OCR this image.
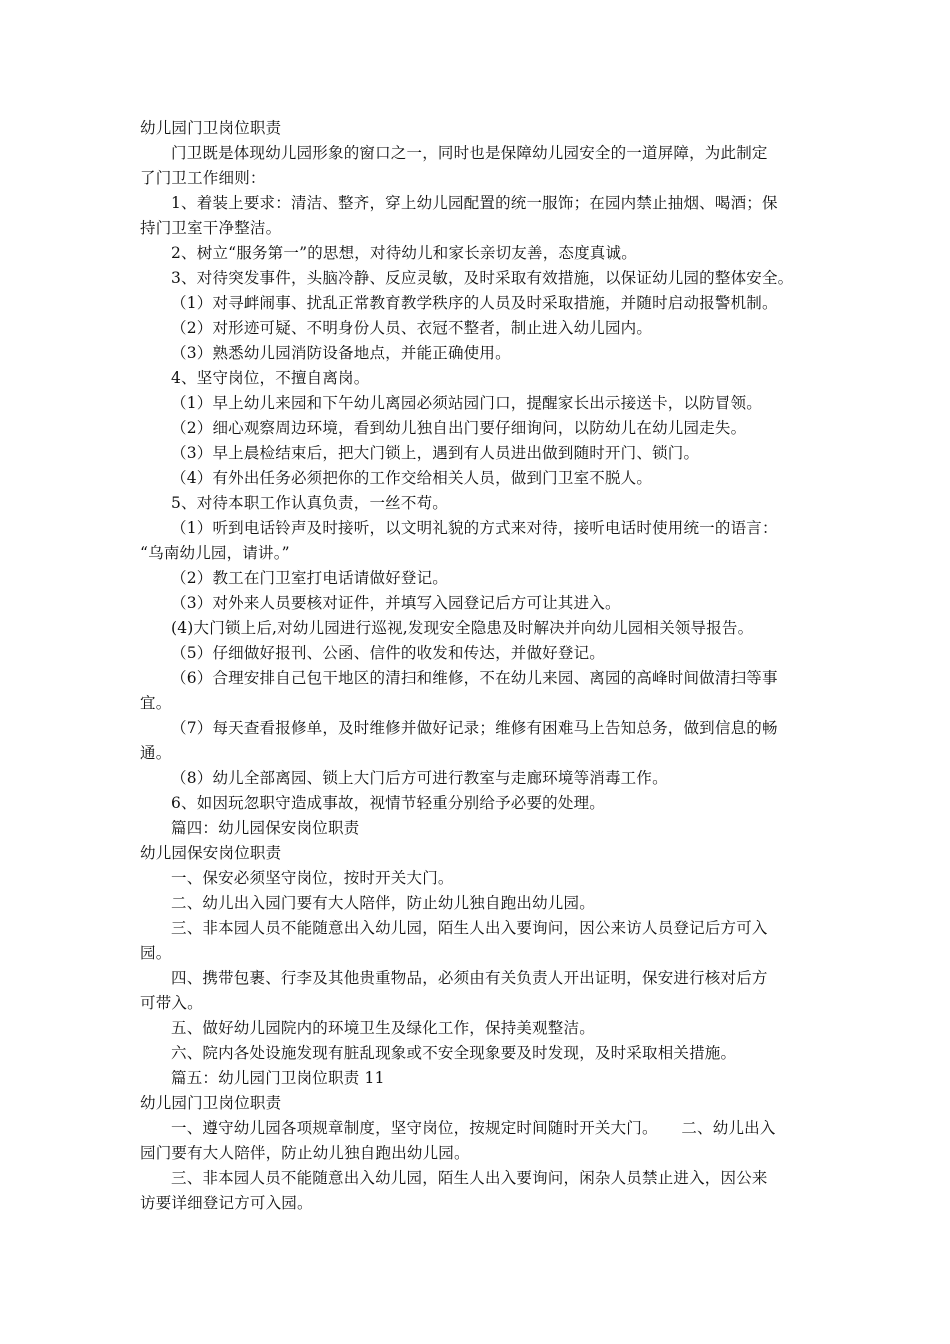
幼儿园门卫岗位职责
门卫既是体现幼儿园形象的窗口之一，同时也是保障幼儿园安全的一道屏障，为此制定
了门卫工作细则：
1、着装上要求：清洁、整齐，穿上幼儿园配置的统一服饰；在园内禁止抽烟、喝酒；保
持门卫室干净整洁。
2、树立“服务第一”的思想，对待幼儿和家长亲切友善，态度真诚。
3、对待突发事件，头脑冷静、反应灵敏，及时采取有效措施，以保证幼儿园的整体安全。
（1）对寻衅闹事、扰乱正常教育教学秩序的人员及时采取措施，并随时启动报警机制。
（2）对形迹可疑、不明身份人员、衣冠不整者，制止进入幼儿园内。
（3）熟悉幼儿园消防设备地点，并能正确使用。
4、坚守岗位，不擅自离岗。
（1）早上幼儿来园和下午幼儿离园必须站园门口，提醒家长出示接送卡，以防冒领。
（2）细心观察周边环境，看到幼儿独自出门要仔细询问，以防幼儿在幼儿园走失。
（3）早上晨检结束后，把大门锁上，遇到有人员进出做到随时开门、锁门。
（4）有外出任务必须把你的工作交给相关人员，做到门卫室不脱人。
5、对待本职工作认真负责，一丝不苟。
（1）听到电话铃声及时接听，以文明礼貌的方式来对待，接听电话时使用统一的语言：
“乌南幼儿园，请讲。”
（2）教工在门卫室打电话请做好登记。
（3）对外来人员要核对证件，并填写入园登记后方可让其进入。
(4)大门锁上后,对幼儿园进行巡视,发现安全隐患及时解决并向幼儿园相关领导报告。
（5）仔细做好报刊、公函、信件的收发和传达，并做好登记。
（6）合理安排自己包干地区的清扫和维修，不在幼儿来园、离园的高峰时间做清扫等事
宜。
（7）每天查看报修单，及时维修并做好记录；维修有困难马上告知总务，做到信息的畅
通。
（8）幼儿全部离园、锁上大门后方可进行教室与走廊环境等消毒工作。
6、如因玩忽职守造成事故，视情节轻重分别给予必要的处理。
篇四：幼儿园保安岗位职责
幼儿园保安岗位职责
一、保安必须坚守岗位，按时开关大门。
二、幼儿出入园门要有大人陪伴，防止幼儿独自跑出幼儿园。
三、非本园人员不能随意出入幼儿园，陌生人出入要询问，因公来访人员登记后方可入
园。
四、携带包裹、行李及其他贵重物品，必须由有关负责人开出证明，保安进行核对后方
可带入。
五、做好幼儿园院内的环境卫生及绿化工作，保持美观整洁。
六、院内各处设施发现有脏乱现象或不安全现象要及时发现，及时采取相关措施。
篇五：幼儿园门卫岗位职责 11
幼儿园门卫岗位职责
一、遵守幼儿园各项规章制度，坚守岗位，按规定时间随时开关大门。　　二、幼儿出入
园门要有大人陪伴，防止幼儿独自跑出幼儿园。
三、非本园人员不能随意出入幼儿园，陌生人出入要询问，闲杂人员禁止进入，因公来
访要详细登记方可入园。
